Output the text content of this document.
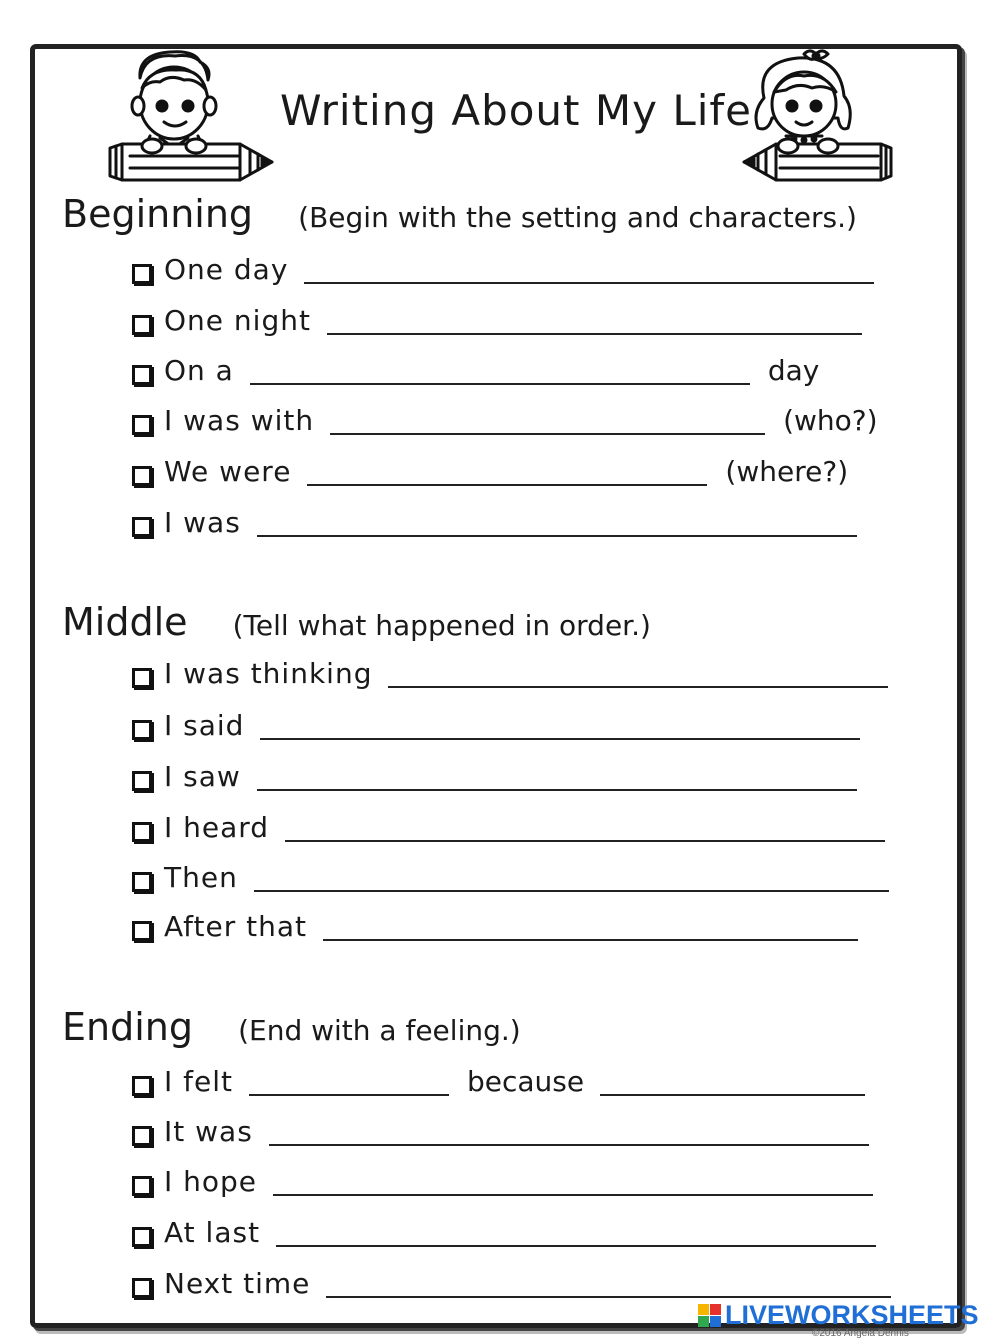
Writing About My Life
Beginning (Begin with the setting and characters.)
One day
One night
On a	day
I was with	(who?)
We were	(where?)
I was
Middle (Tell what happened in order.)
I was thinking
I said
I saw
I heard
Then
After that
Ending (End with a feeling.)
I felt	because
It was
I hope
At last
Next time
LIVEWORKSHEETS
©2016 Angela Dennis
